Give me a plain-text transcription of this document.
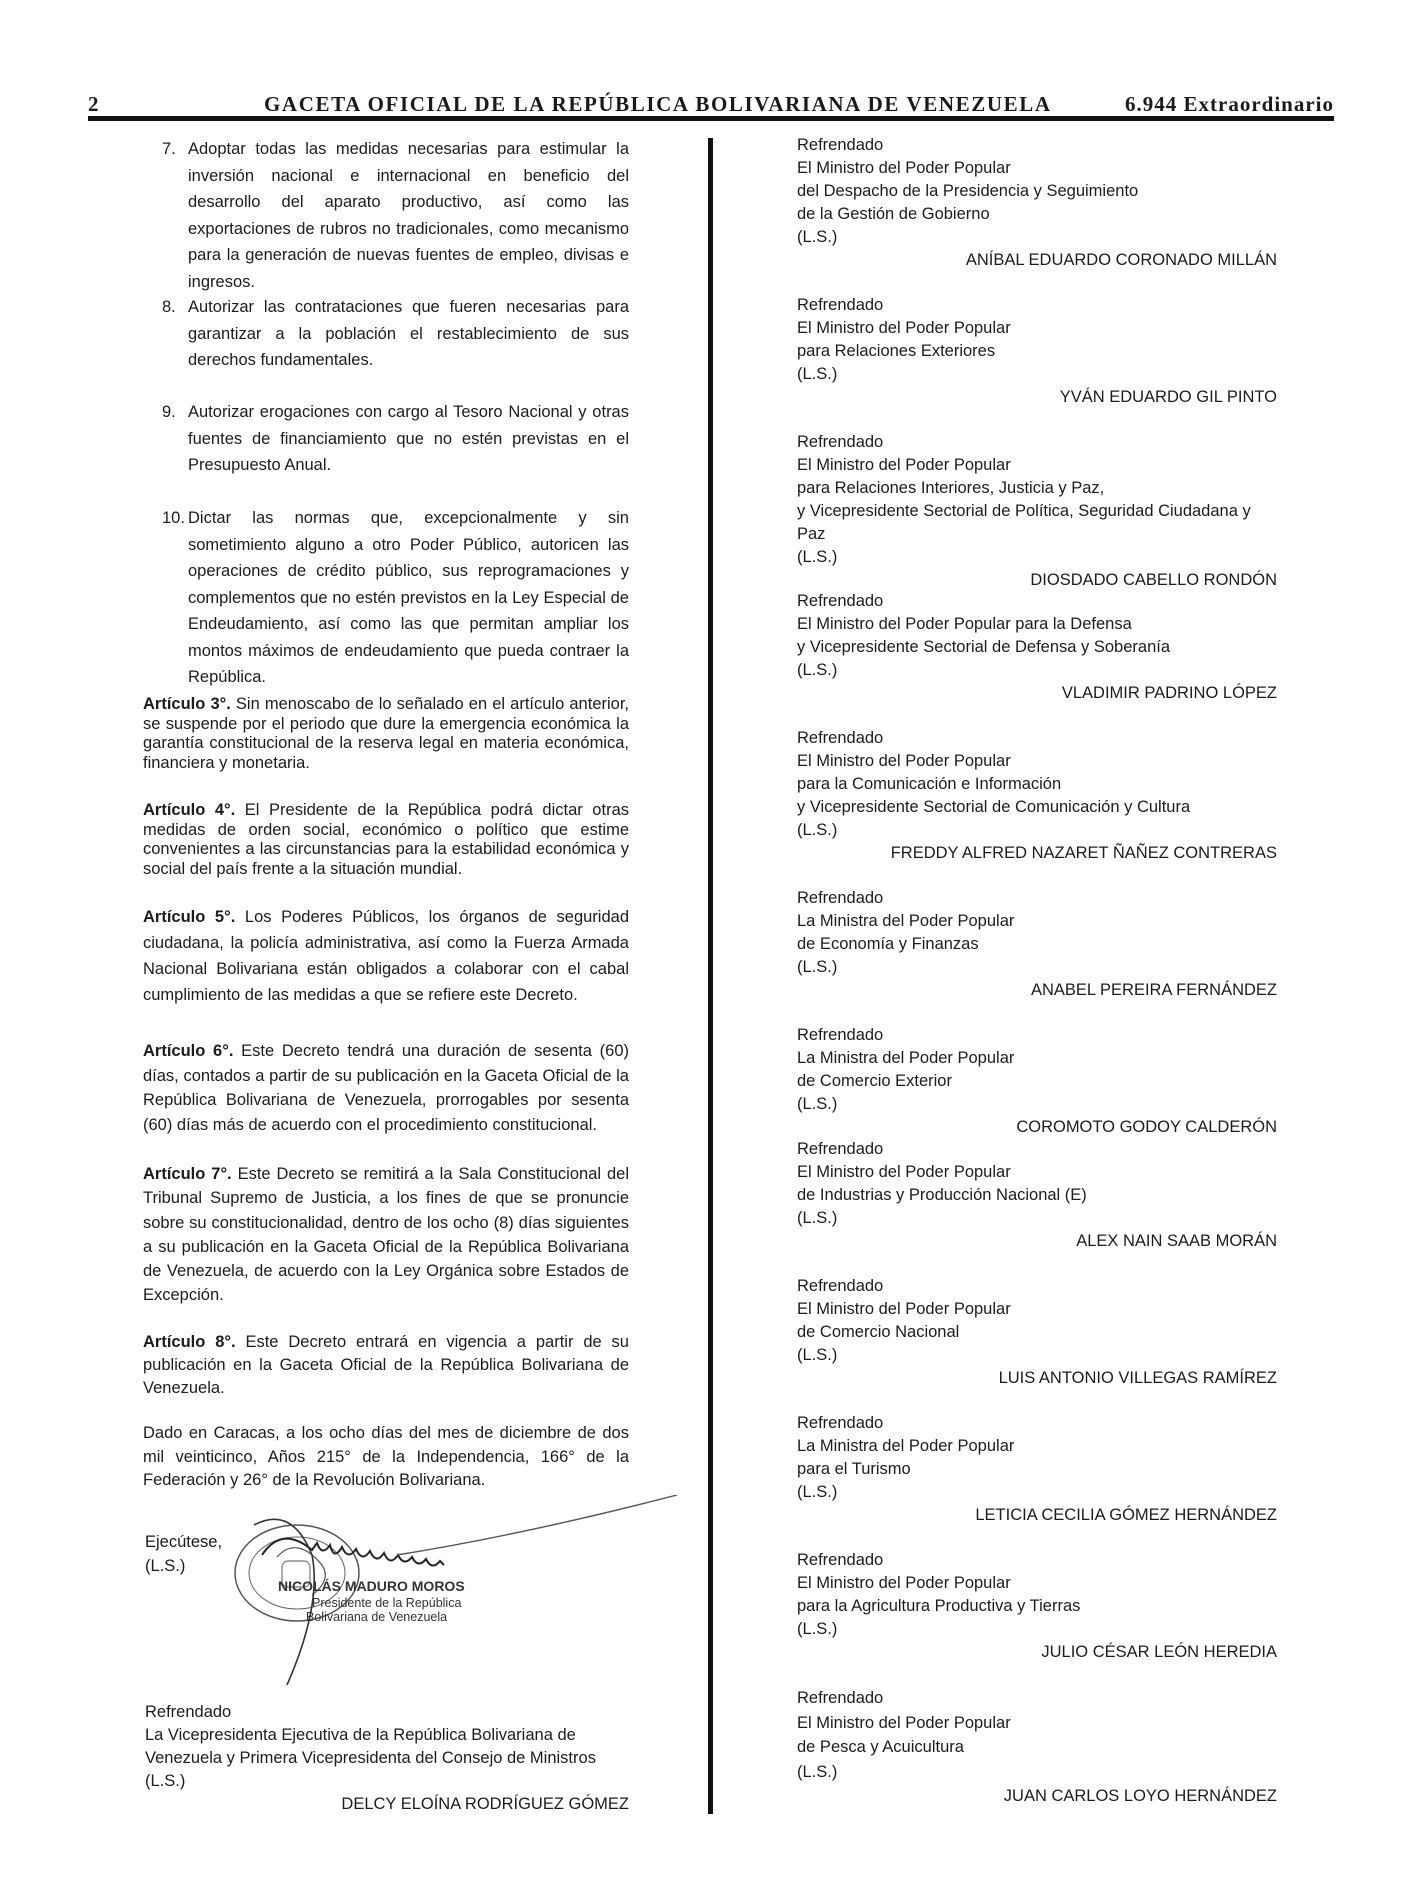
2	GACETA OFICIAL DE LA REPÚBLICA BOLIVARIANA DE VENEZUELA	6.944 Extraordinario
7. Adoptar todas las medidas necesarias para estimular la inversión nacional e internacional en beneficio del desarrollo del aparato productivo, así como las exportaciones de rubros no tradicionales, como mecanismo para la generación de nuevas fuentes de empleo, divisas e ingresos.
8. Autorizar las contrataciones que fueren necesarias para garantizar a la población el restablecimiento de sus derechos fundamentales.
9. Autorizar erogaciones con cargo al Tesoro Nacional y otras fuentes de financiamiento que no estén previstas en el Presupuesto Anual.
10. Dictar las normas que, excepcionalmente y sin sometimiento alguno a otro Poder Público, autoricen las operaciones de crédito público, sus reprogramaciones y complementos que no estén previstos en la Ley Especial de Endeudamiento, así como las que permitan ampliar los montos máximos de endeudamiento que pueda contraer la República.
Artículo 3°. Sin menoscabo de lo señalado en el artículo anterior, se suspende por el periodo que dure la emergencia económica la garantía constitucional de la reserva legal en materia económica, financiera y monetaria.
Artículo 4°. El Presidente de la República podrá dictar otras medidas de orden social, económico o político que estime convenientes a las circunstancias para la estabilidad económica y social del país frente a la situación mundial.
Artículo 5°. Los Poderes Públicos, los órganos de seguridad ciudadana, la policía administrativa, así como la Fuerza Armada Nacional Bolivariana están obligados a colaborar con el cabal cumplimiento de las medidas a que se refiere este Decreto.
Artículo 6°. Este Decreto tendrá una duración de sesenta (60) días, contados a partir de su publicación en la Gaceta Oficial de la República Bolivariana de Venezuela, prorrogables por sesenta (60) días más de acuerdo con el procedimiento constitucional.
Artículo 7°. Este Decreto se remitirá a la Sala Constitucional del Tribunal Supremo de Justicia, a los fines de que se pronuncie sobre su constitucionalidad, dentro de los ocho (8) días siguientes a su publicación en la Gaceta Oficial de la República Bolivariana de Venezuela, de acuerdo con la Ley Orgánica sobre Estados de Excepción.
Artículo 8°. Este Decreto entrará en vigencia a partir de su publicación en la Gaceta Oficial de la República Bolivariana de Venezuela.
Dado en Caracas, a los ocho días del mes de diciembre de dos mil veinticinco, Años 215° de la Independencia, 166° de la Federación y 26° de la Revolución Bolivariana.
Ejecútese,
(L.S.)
NICOLÁS MADURO MOROS
Presidente de la República
Bolivariana de Venezuela
Refrendado
La Vicepresidenta Ejecutiva de la República Bolivariana de
Venezuela y Primera Vicepresidenta del Consejo de Ministros
(L.S.)
DELCY ELOÍNA RODRÍGUEZ GÓMEZ
Refrendado
El Ministro del Poder Popular
del Despacho de la Presidencia y Seguimiento
de la Gestión de Gobierno
(L.S.)
ANÍBAL EDUARDO CORONADO MILLÁN
Refrendado
El Ministro del Poder Popular
para Relaciones Exteriores
(L.S.)
YVÁN EDUARDO GIL PINTO
Refrendado
El Ministro del Poder Popular
para Relaciones Interiores, Justicia y Paz,
y Vicepresidente Sectorial de Política, Seguridad Ciudadana y Paz
(L.S.)
DIOSDADO CABELLO RONDÓN
Refrendado
El Ministro del Poder Popular para la Defensa
y Vicepresidente Sectorial de Defensa y Soberanía
(L.S.)
VLADIMIR PADRINO LÓPEZ
Refrendado
El Ministro del Poder Popular
para la Comunicación e Información
y Vicepresidente Sectorial de Comunicación y Cultura
(L.S.)
FREDDY ALFRED NAZARET ÑAÑEZ CONTRERAS
Refrendado
La Ministra del Poder Popular
de Economía y Finanzas
(L.S.)
ANABEL PEREIRA FERNÁNDEZ
Refrendado
La Ministra del Poder Popular
de Comercio Exterior
(L.S.)
COROMOTO GODOY CALDERÓN
Refrendado
El Ministro del Poder Popular
de Industrias y Producción Nacional (E)
(L.S.)
ALEX NAIN SAAB MORÁN
Refrendado
El Ministro del Poder Popular
de Comercio Nacional
(L.S.)
LUIS ANTONIO VILLEGAS RAMÍREZ
Refrendado
La Ministra del Poder Popular
para el Turismo
(L.S.)
LETICIA CECILIA GÓMEZ HERNÁNDEZ
Refrendado
El Ministro del Poder Popular
para la Agricultura Productiva y Tierras
(L.S.)
JULIO CÉSAR LEÓN HEREDIA
Refrendado
El Ministro del Poder Popular
de Pesca y Acuicultura
(L.S.)
JUAN CARLOS LOYO HERNÁNDEZ
